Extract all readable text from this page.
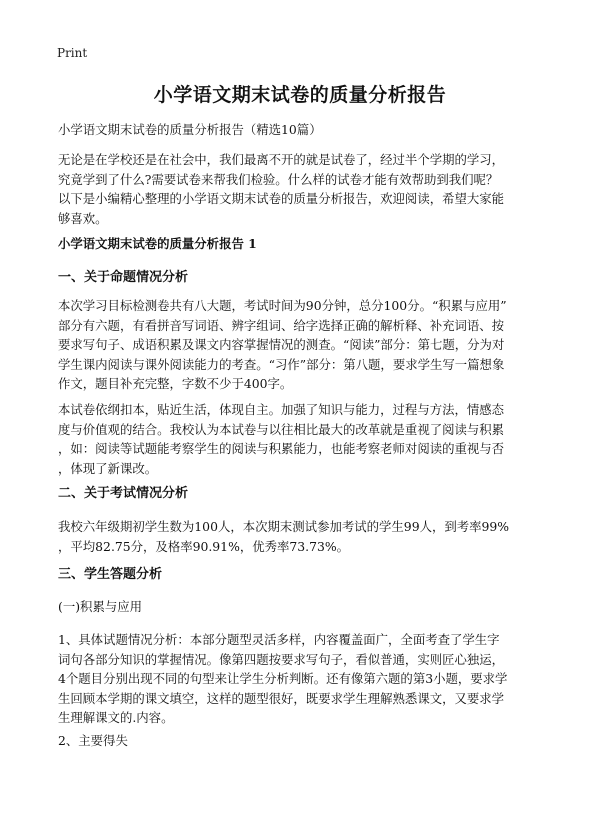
Print
小学语文期末试卷的质量分析报告
小学语文期末试卷的质量分析报告（精选10篇）
无论是在学校还是在社会中，我们最离不开的就是试卷了，经过半个学期的学习，
究竟学到了什么?需要试卷来帮我们检验。什么样的试卷才能有效帮助到我们呢？
以下是小编精心整理的小学语文期末试卷的质量分析报告，欢迎阅读，希望大家能
够喜欢。
小学语文期末试卷的质量分析报告 1
一、关于命题情况分析
本次学习目标检测卷共有八大题，考试时间为90分钟，总分100分。“积累与应用”
部分有六题，有看拼音写词语、辨字组词、给字选择正确的解析释、补充词语、按
要求写句子、成语积累及课文内容掌握情况的测查。“阅读”部分：第七题，分为对
学生课内阅读与课外阅读能力的考查。“习作”部分：第八题，要求学生写一篇想象
作文，题目补充完整，字数不少于400字。
本试卷依纲扣本，贴近生活，体现自主。加强了知识与能力，过程与方法，情感态
度与价值观的结合。我校认为本试卷与以往相比最大的改革就是重视了阅读与积累
，如：阅读等试题能考察学生的阅读与积累能力，也能考察老师对阅读的重视与否
，体现了新课改。
二、关于考试情况分析
我校六年级期初学生数为100人，本次期末测试参加考试的学生99人，到考率99%
，平均82.75分，及格率90.91%，优秀率73.73%。
三、学生答题分析
(一)积累与应用
1、具体试题情况分析：本部分题型灵活多样，内容覆盖面广，全面考查了学生字
词句各部分知识的掌握情况。像第四题按要求写句子，看似普通，实则匠心独运，
4个题目分别出现不同的句型来让学生分析判断。还有像第六题的第3小题，要求学
生回顾本学期的课文填空，这样的题型很好，既要求学生理解熟悉课文，又要求学
生理解课文的.内容。
2、主要得失
